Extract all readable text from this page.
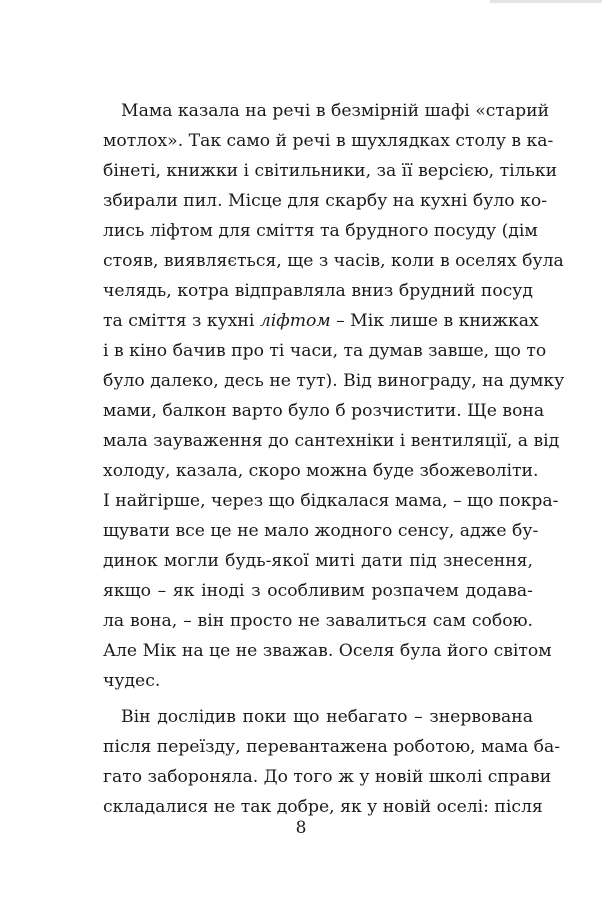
Мама казала на речі в безмірній шафі «старий
мотлох». Так само й речі в шухлядках столу в ка-
бінеті, книжки і світильники, за її версією, тільки
збирали пил. Місце для скарбу на кухні було ко-
лись ліфтом для сміття та брудного посуду (дім
стояв, виявляється, ще з часів, коли в оселях була
челядь, котра відправляла вниз брудний посуд
та сміття з кухні ліфтом – Мік лише в книжках
і в кіно бачив про ті часи, та думав завше, що то
було далеко, десь не тут). Від винограду, на думку
мами, балкон варто було б розчистити. Ще вона
мала зауваження до сантехніки і вентиляції, а від
холоду, казала, скоро можна буде збожеволіти.
І найгірше, через що бідкалася мама, – що покра-
щувати все це не мало жодного сенсу, адже бу-
динок могли будь-якої миті дати під знесення,
якщо – як іноді з особливим розпачем додава-
ла вона, – він просто не завалиться сам собою.
Але Мік на це не зважав. Оселя була його світом
чудес.
Він дослідив поки що небагато – знервована
після переїзду, перевантажена роботою, мама ба-
гато забороняла. До того ж у новій школі справи
складалися не так добре, як у новій оселі: після
8
